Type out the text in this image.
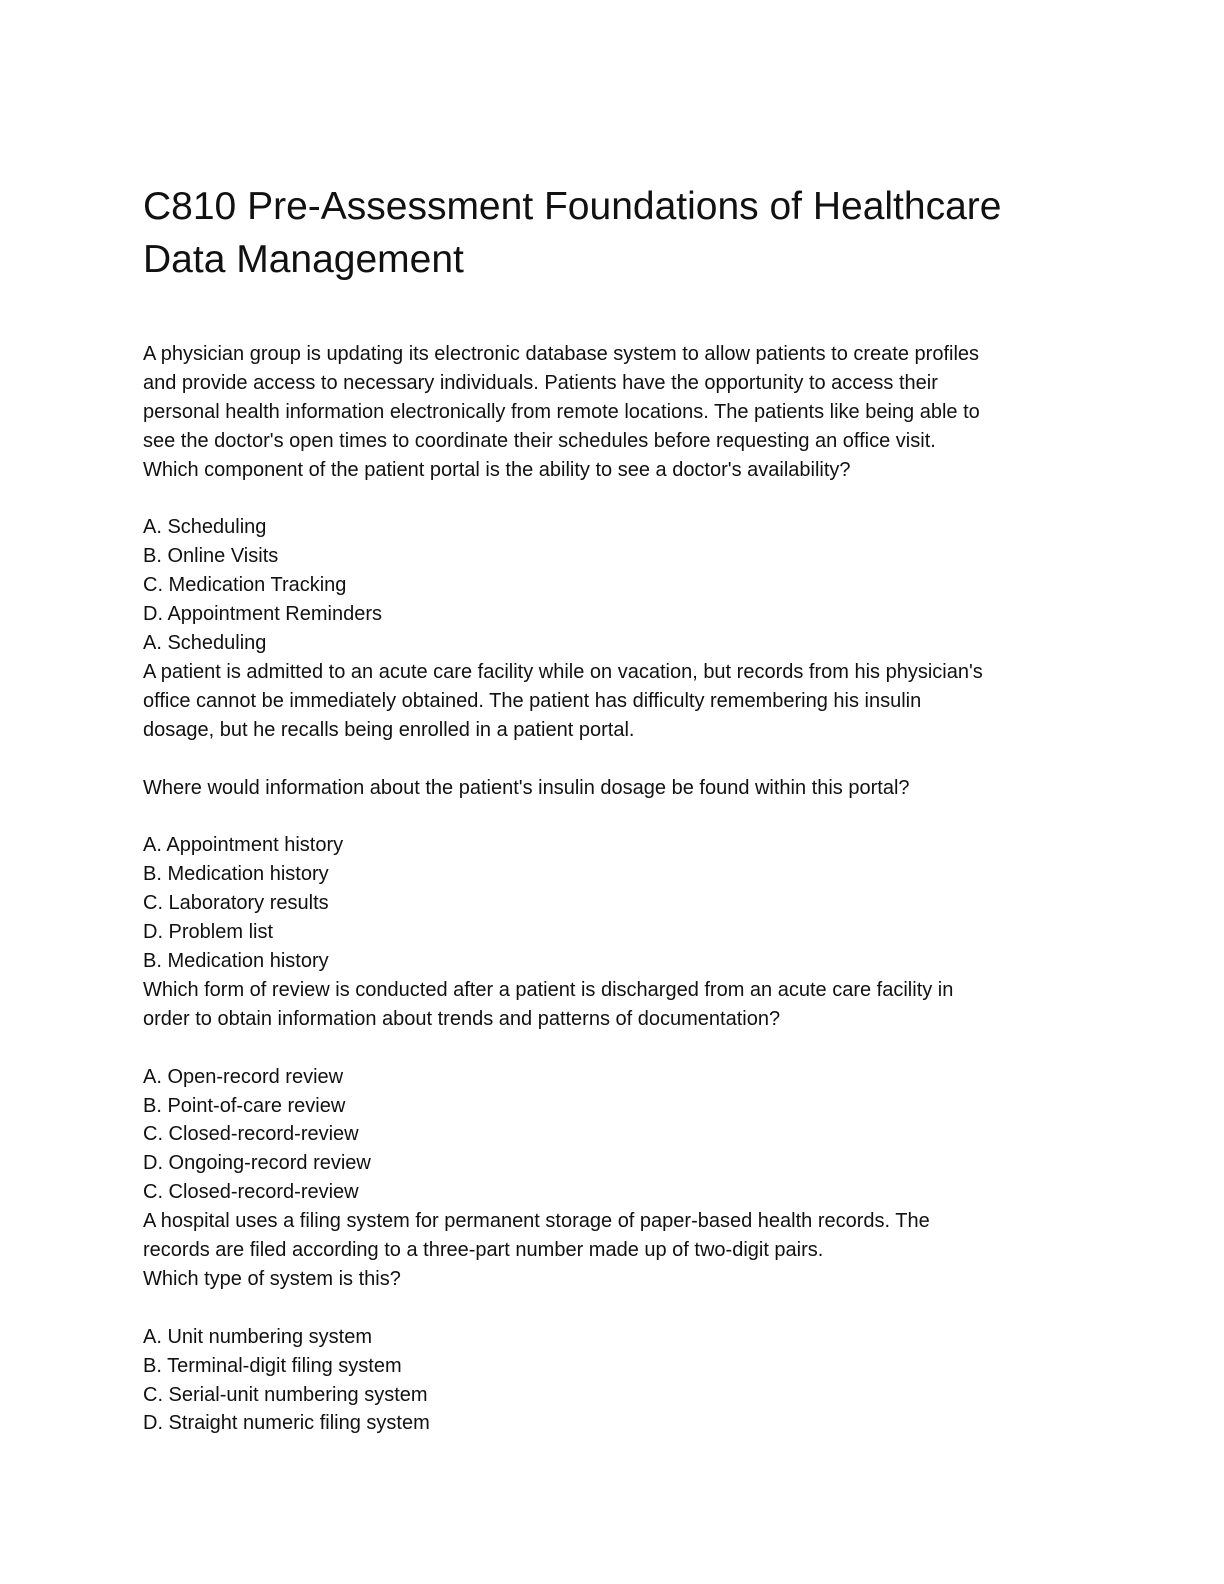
C810 Pre-Assessment Foundations of Healthcare
Data Management
A physician group is updating its electronic database system to allow patients to create profiles
and provide access to necessary individuals. Patients have the opportunity to access their
personal health information electronically from remote locations. The patients like being able to
see the doctor's open times to coordinate their schedules before requesting an office visit.
Which component of the patient portal is the ability to see a doctor's availability?
A. Scheduling
B. Online Visits
C. Medication Tracking
D. Appointment Reminders
A. Scheduling
A patient is admitted to an acute care facility while on vacation, but records from his physician's
office cannot be immediately obtained. The patient has difficulty remembering his insulin
dosage, but he recalls being enrolled in a patient portal.
Where would information about the patient's insulin dosage be found within this portal?
A. Appointment history
B. Medication history
C. Laboratory results
D. Problem list
B. Medication history
Which form of review is conducted after a patient is discharged from an acute care facility in
order to obtain information about trends and patterns of documentation?
A. Open-record review
B. Point-of-care review
C. Closed-record-review
D. Ongoing-record review
C. Closed-record-review
A hospital uses a filing system for permanent storage of paper-based health records. The
records are filed according to a three-part number made up of two-digit pairs.
Which type of system is this?
A. Unit numbering system
B. Terminal-digit filing system
C. Serial-unit numbering system
D. Straight numeric filing system
